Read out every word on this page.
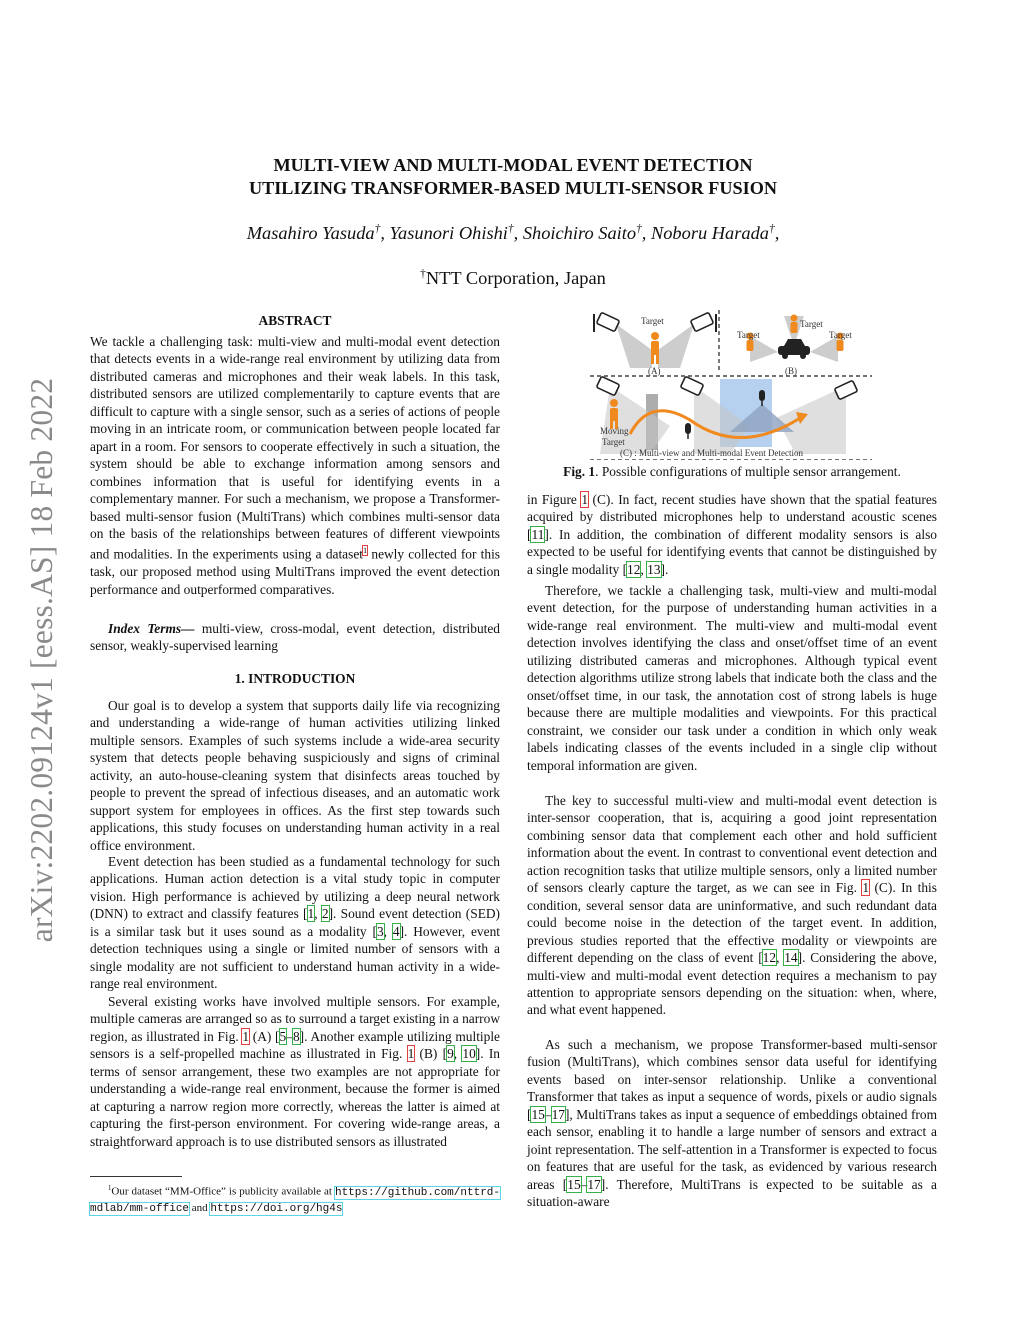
arXiv:2202.09124v1 [eess.AS] 18 Feb 2022
MULTI-VIEW AND MULTI-MODAL EVENT DETECTION
UTILIZING TRANSFORMER-BASED MULTI-SENSOR FUSION
Masahiro Yasuda†, Yasunori Ohishi†, Shoichiro Saito†, Noboru Harada†,
†NTT Corporation, Japan
ABSTRACT

We tackle a challenging task: multi-view and multi-modal event detection that detects events in a wide-range real environment by utilizing data from distributed cameras and microphones and their weak labels. In this task, distributed sensors are utilized complementarily to capture events that are difficult to capture with a single sensor, such as a series of actions of people moving in an intricate room, or communication between people located far apart in a room. For sensors to cooperate effectively in such a situation, the system should be able to exchange information among sensors and combines information that is useful for identifying events in a complementary manner. For such a mechanism, we propose a Transformer-based multi-sensor fusion (MultiTrans) which combines multi-sensor data on the basis of the relationships between features of different viewpoints and modalities. In the experiments using a dataset$^1$ newly collected for this task, our proposed method using MultiTrans improved the event detection performance and outperformed comparatives.

Index Terms— multi-view, cross-modal, event detection, distributed sensor, weakly-supervised learning

1. INTRODUCTION

Our goal is to develop a system that supports daily life via recognizing and understanding a wide-range of human activities utilizing linked multiple sensors. Examples of such systems include a wide-area security system that detects people behaving suspiciously and signs of criminal activity, an auto-house-cleaning system that disinfects areas touched by people to prevent the spread of infectious diseases, and an automatic work support system for employees in offices. As the first step towards such applications, this study focuses on understanding human activity in a real office environment.

Event detection has been studied as a fundamental technology for such applications. Human action detection is a vital study topic in computer vision. High performance is achieved by utilizing a deep neural network (DNN) to extract and classify features [1, 2]. Sound event detection (SED) is a similar task but it uses sound as a modality [3, 4]. However, event detection techniques using a single or limited number of sensors with a single modality are not sufficient to understand human activity in a wide-range real environment.

Several existing works have involved multiple sensors. For example, multiple cameras are arranged so as to surround a target existing in a narrow region, as illustrated in Fig. 1 (A) [5–8]. Another example utilizing multiple sensors is a self-propelled machine as illustrated in Fig. 1 (B) [9, 10]. In terms of sensor arrangement, these two examples are not appropriate for understanding a wide-range real environment, because the former is aimed at capturing a narrow region more correctly, whereas the latter is aimed at capturing the first-person environment. For covering wide-range areas, a straightforward approach is to use distributed sensors as illustrated

$^1$Our dataset “MM-Office” is publicity available at https://github.com/nttrd-mdlab/mm-office and https://doi.org/hg4s
Target
(A)
Target
Target	Target
(B)
Moving
Target
(C) : Multi-view and Multi-modal Event Detection
Fig. 1. Possible configurations of multiple sensor arrangement.

in Figure 1 (C). In fact, recent studies have shown that the spatial features acquired by distributed microphones help to understand acoustic scenes [11]. In addition, the combination of different modality sensors is also expected to be useful for identifying events that cannot be distinguished by a single modality [12, 13].

Therefore, we tackle a challenging task, multi-view and multi-modal event detection, for the purpose of understanding human activities in a wide-range real environment. The multi-view and multi-modal event detection involves identifying the class and onset/offset time of an event utilizing distributed cameras and microphones. Although typical event detection algorithms utilize strong labels that indicate both the class and the onset/offset time, in our task, the annotation cost of strong labels is huge because there are multiple modalities and viewpoints. For this practical constraint, we consider our task under a condition in which only weak labels indicating classes of the events included in a single clip without temporal information are given.

The key to successful multi-view and multi-modal event detection is inter-sensor cooperation, that is, acquiring a good joint representation combining sensor data that complement each other and hold sufficient information about the event. In contrast to conventional event detection and action recognition tasks that utilize multiple sensors, only a limited number of sensors clearly capture the target, as we can see in Fig. 1 (C). In this condition, several sensor data are uninformative, and such redundant data could become noise in the detection of the target event. In addition, previous studies reported that the effective modality or viewpoints are different depending on the class of event [12, 14]. Considering the above, multi-view and multi-modal event detection requires a mechanism to pay attention to appropriate sensors depending on the situation: when, where, and what event happened.

As such a mechanism, we propose Transformer-based multi-sensor fusion (MultiTrans), which combines sensor data useful for identifying events based on inter-sensor relationship. Unlike a conventional Transformer that takes as input a sequence of words, pixels or audio signals [15–17], MultiTrans takes as input a sequence of embeddings obtained from each sensor, enabling it to handle a large number of sensors and extract a joint representation. The self-attention in a Transformer is expected to focus on features that are useful for the task, as evidenced by various research areas [15–17]. Therefore, MultiTrans is expected to be suitable as a situation-aware
